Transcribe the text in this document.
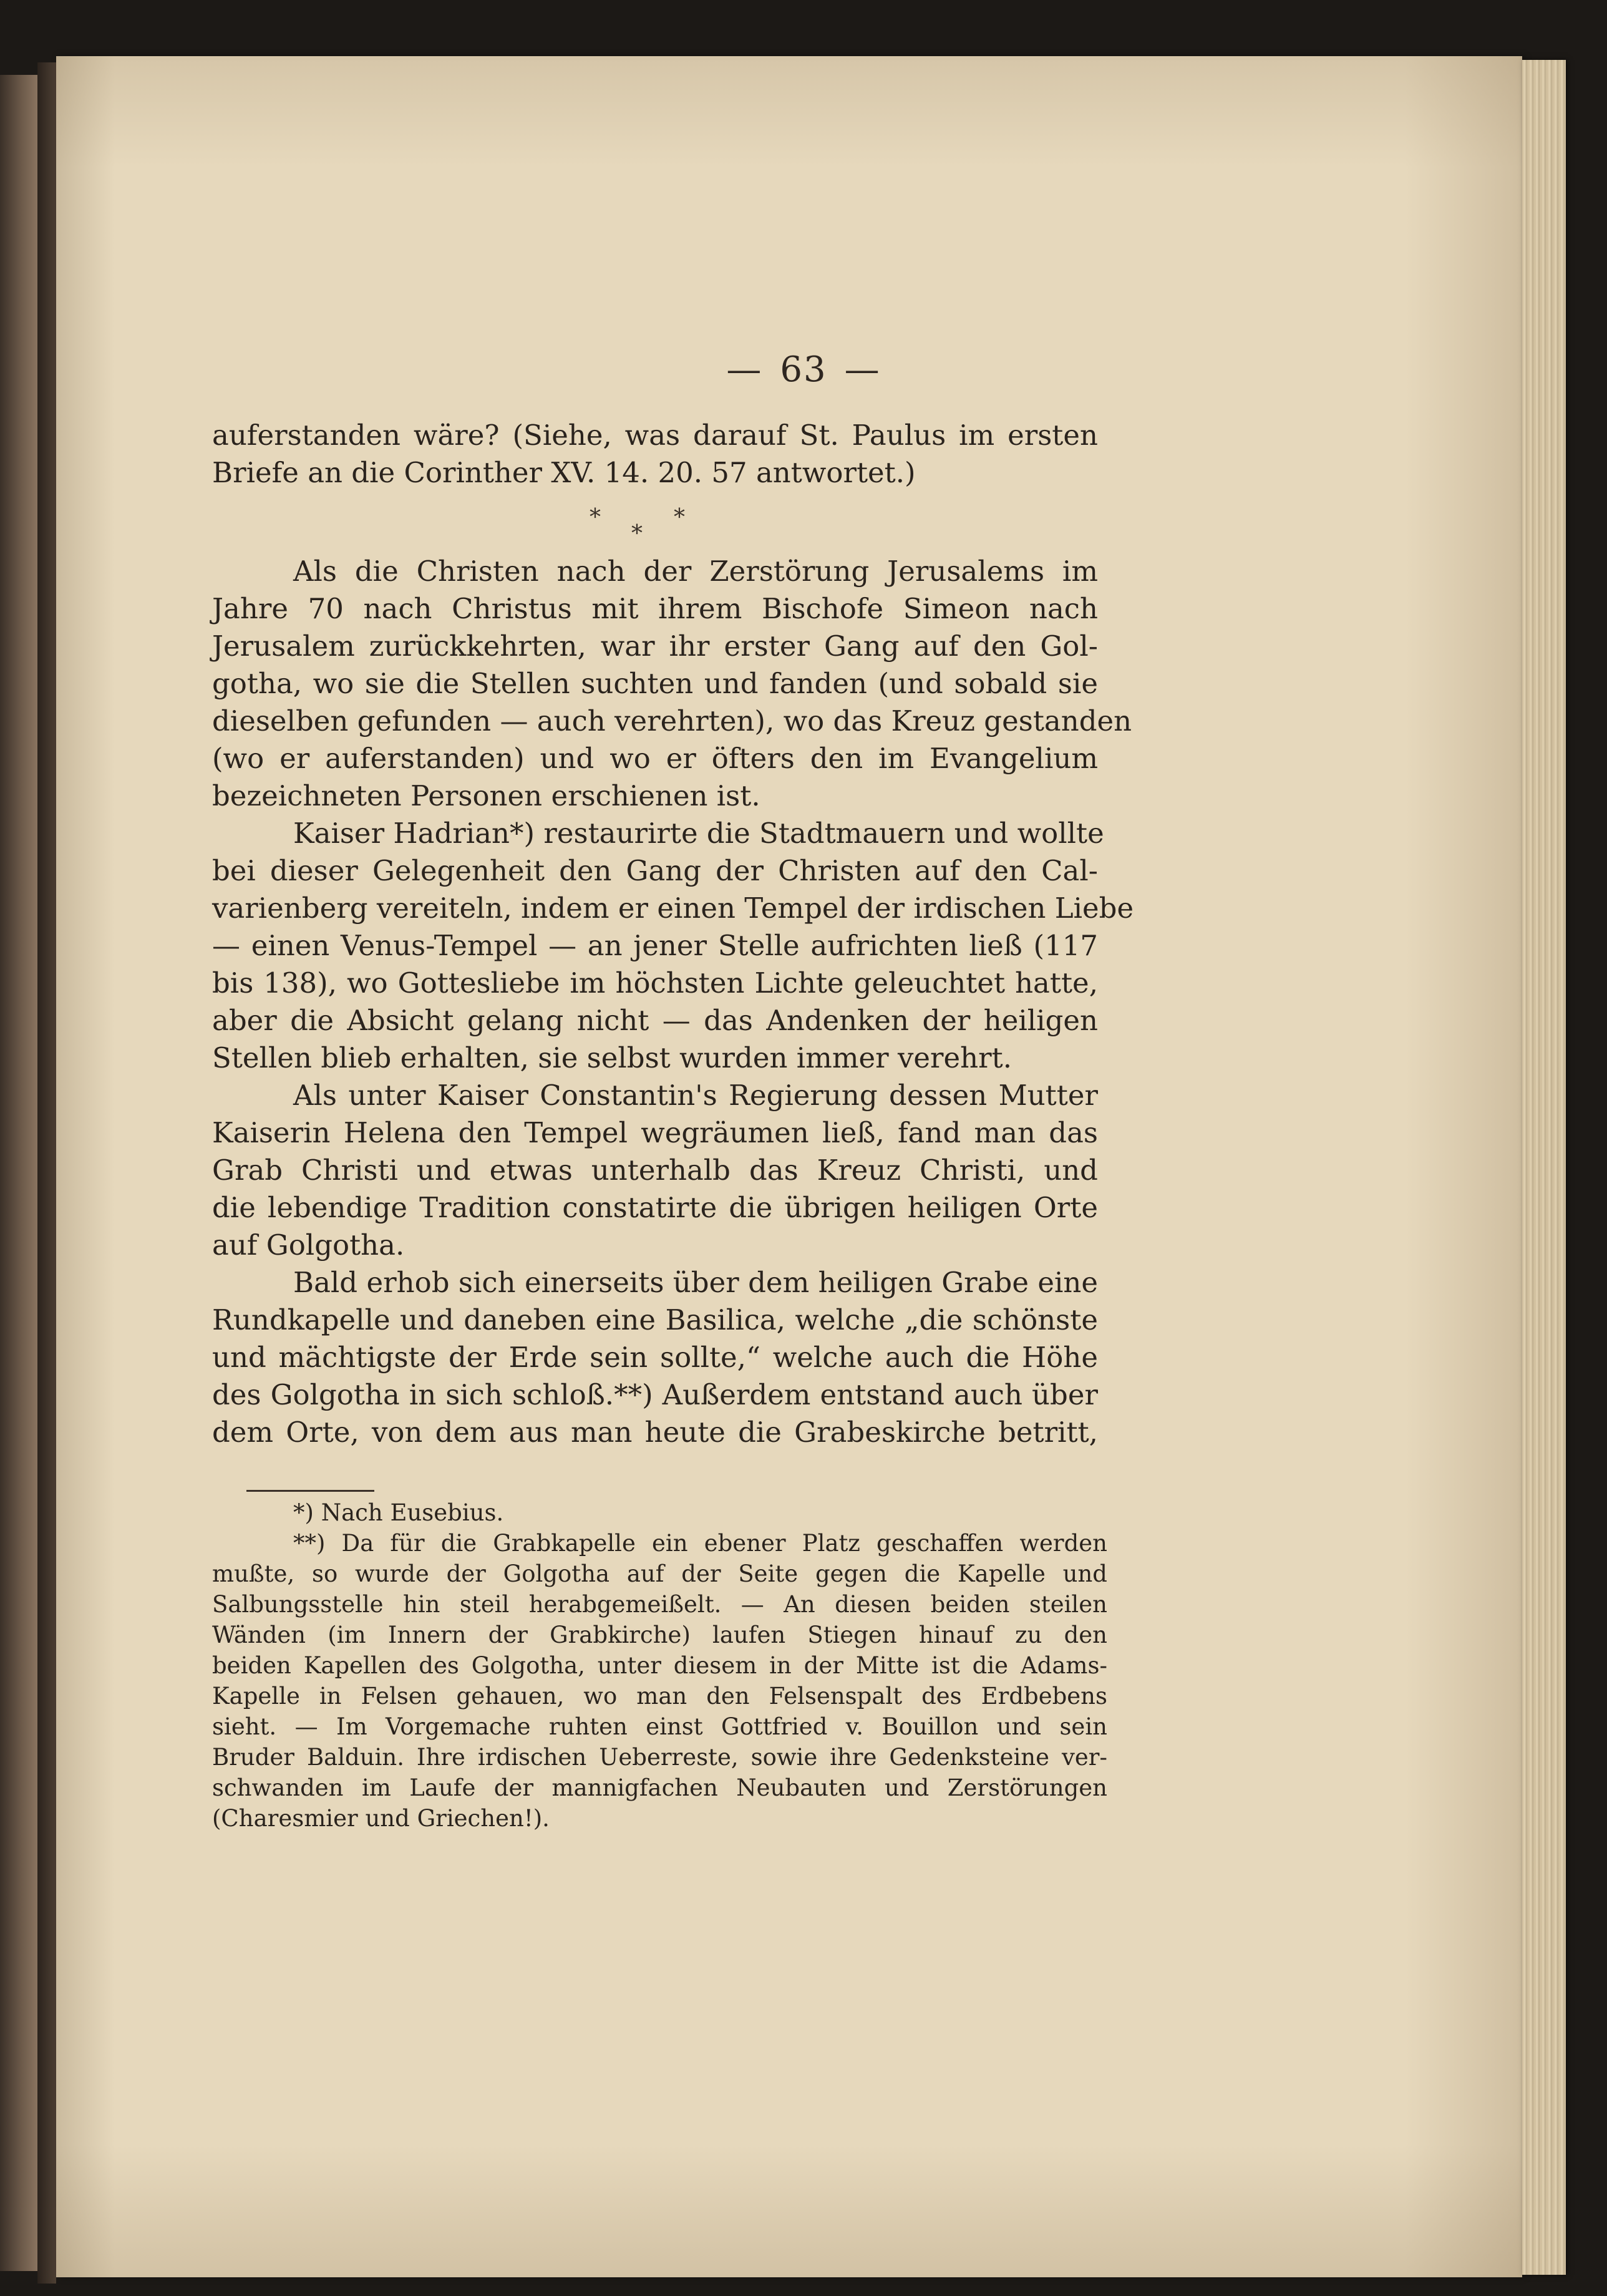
— 63 —
auferstanden wäre? (Siehe, was darauf St. Paulus im ersten
Briefe an die Corinther XV. 14. 20. 57 antwortet.)
*
*
*
Als die Christen nach der Zerstörung Jerusalems im
Jahre 70 nach Christus mit ihrem Bischofe Simeon nach
Jerusalem zurückkehrten, war ihr erster Gang auf den Gol-
gotha, wo sie die Stellen suchten und fanden (und sobald sie
dieselben gefunden — auch verehrten), wo das Kreuz gestanden
(wo er auferstanden) und wo er öfters den im Evangelium
bezeichneten Personen erschienen ist.
Kaiser Hadrian*) restaurirte die Stadtmauern und wollte
bei dieser Gelegenheit den Gang der Christen auf den Cal-
varienberg vereiteln, indem er einen Tempel der irdischen Liebe
— einen Venus-Tempel — an jener Stelle aufrichten ließ (117
bis 138), wo Gottesliebe im höchsten Lichte geleuchtet hatte,
aber die Absicht gelang nicht — das Andenken der heiligen
Stellen blieb erhalten, sie selbst wurden immer verehrt.
Als unter Kaiser Constantin's Regierung dessen Mutter
Kaiserin Helena den Tempel wegräumen ließ, fand man das
Grab Christi und etwas unterhalb das Kreuz Christi, und
die lebendige Tradition constatirte die übrigen heiligen Orte
auf Golgotha.
Bald erhob sich einerseits über dem heiligen Grabe eine
Rundkapelle und daneben eine Basilica, welche „die schönste
und mächtigste der Erde sein sollte,“ welche auch die Höhe
des Golgotha in sich schloß.**) Außerdem entstand auch über
dem Orte, von dem aus man heute die Grabeskirche betritt,
*) Nach Eusebius.
**) Da für die Grabkapelle ein ebener Platz geschaffen werden
mußte, so wurde der Golgotha auf der Seite gegen die Kapelle und
Salbungsstelle hin steil herabgemeißelt. — An diesen beiden steilen
Wänden (im Innern der Grabkirche) laufen Stiegen hinauf zu den
beiden Kapellen des Golgotha, unter diesem in der Mitte ist die Adams-
Kapelle in Felsen gehauen, wo man den Felsenspalt des Erdbebens
sieht. — Im Vorgemache ruhten einst Gottfried v. Bouillon und sein
Bruder Balduin. Ihre irdischen Ueberreste, sowie ihre Gedenksteine ver-
schwanden im Laufe der mannigfachen Neubauten und Zerstörungen
(Charesmier und Griechen!).
